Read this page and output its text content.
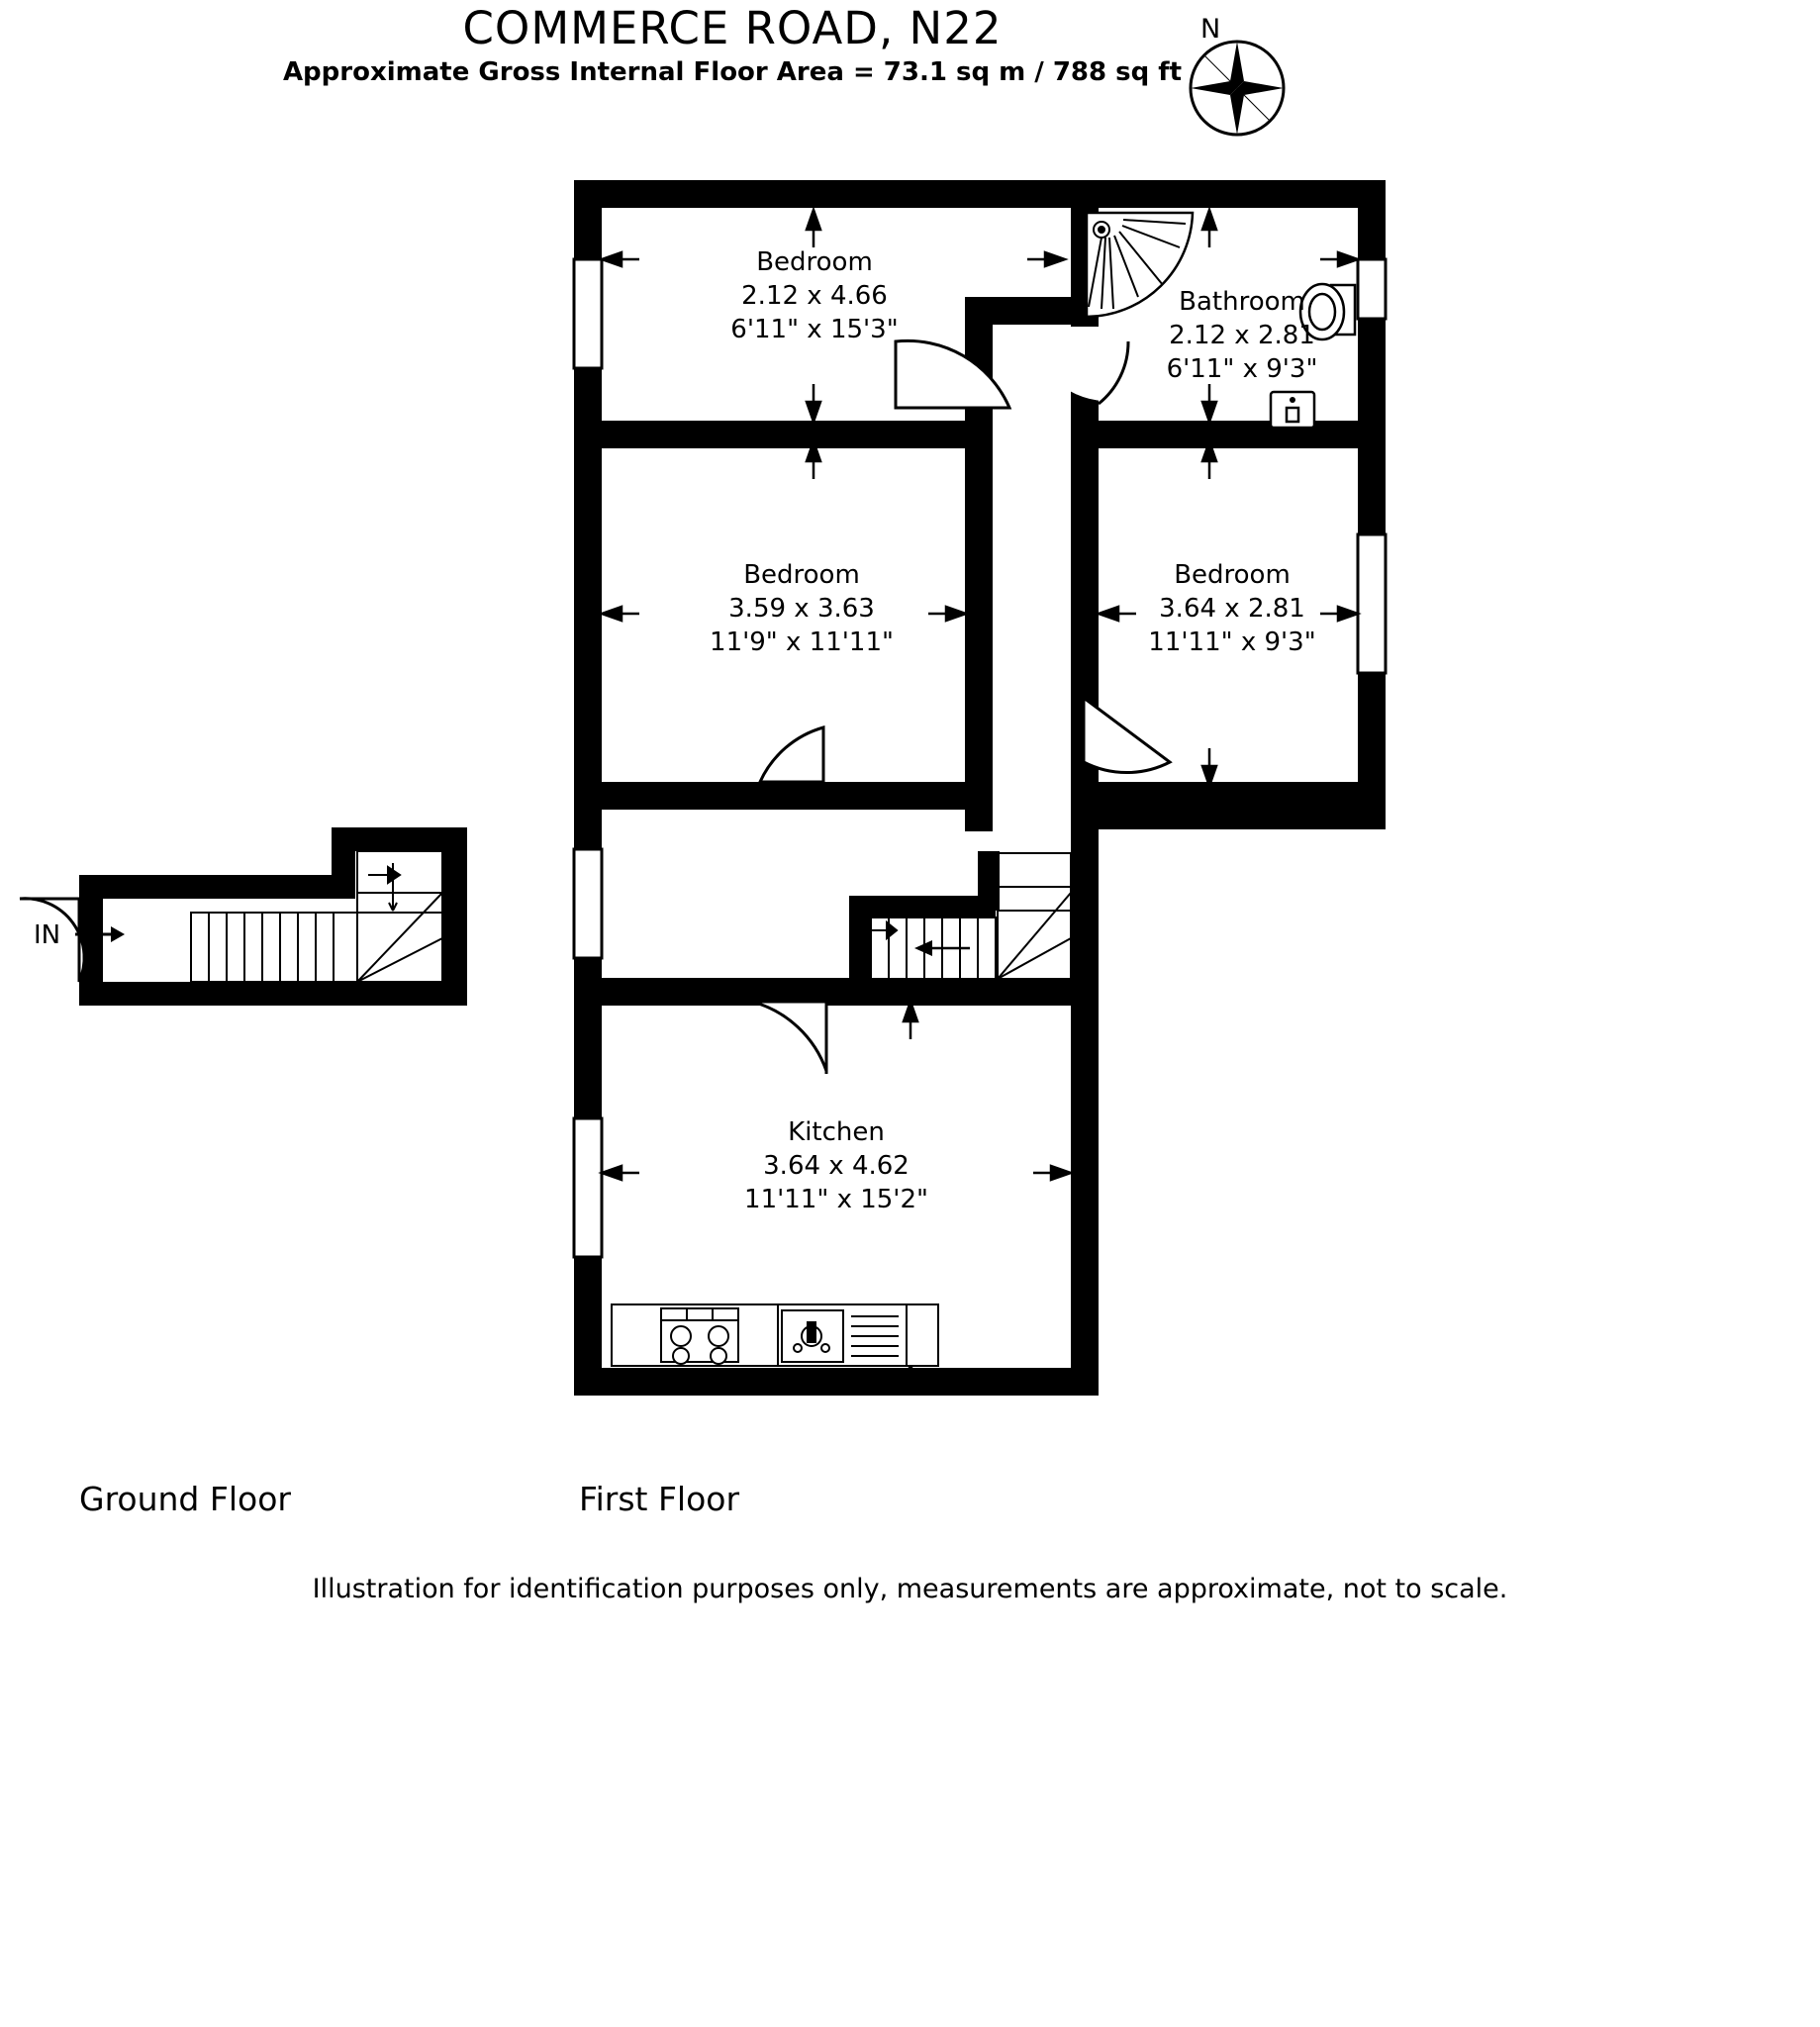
COMMERCE ROAD, N22
Approximate Gross Internal Floor Area = 73.1 sq m / 788 sq ft
N
Bedroom
2.12 x 4.66
6'11" x 15'3"
Bathroom
2.12 x 2.81
6'11" x 9'3"
Bedroom
3.59 x 3.63
11'9" x 11'11"
Bedroom
3.64 x 2.81
11'11" x 9'3"
Kitchen
3.64 x 4.62
11'11" x 15'2"
IN
Ground Floor	First Floor
Illustration for identification purposes only, measurements are approximate, not to scale.
